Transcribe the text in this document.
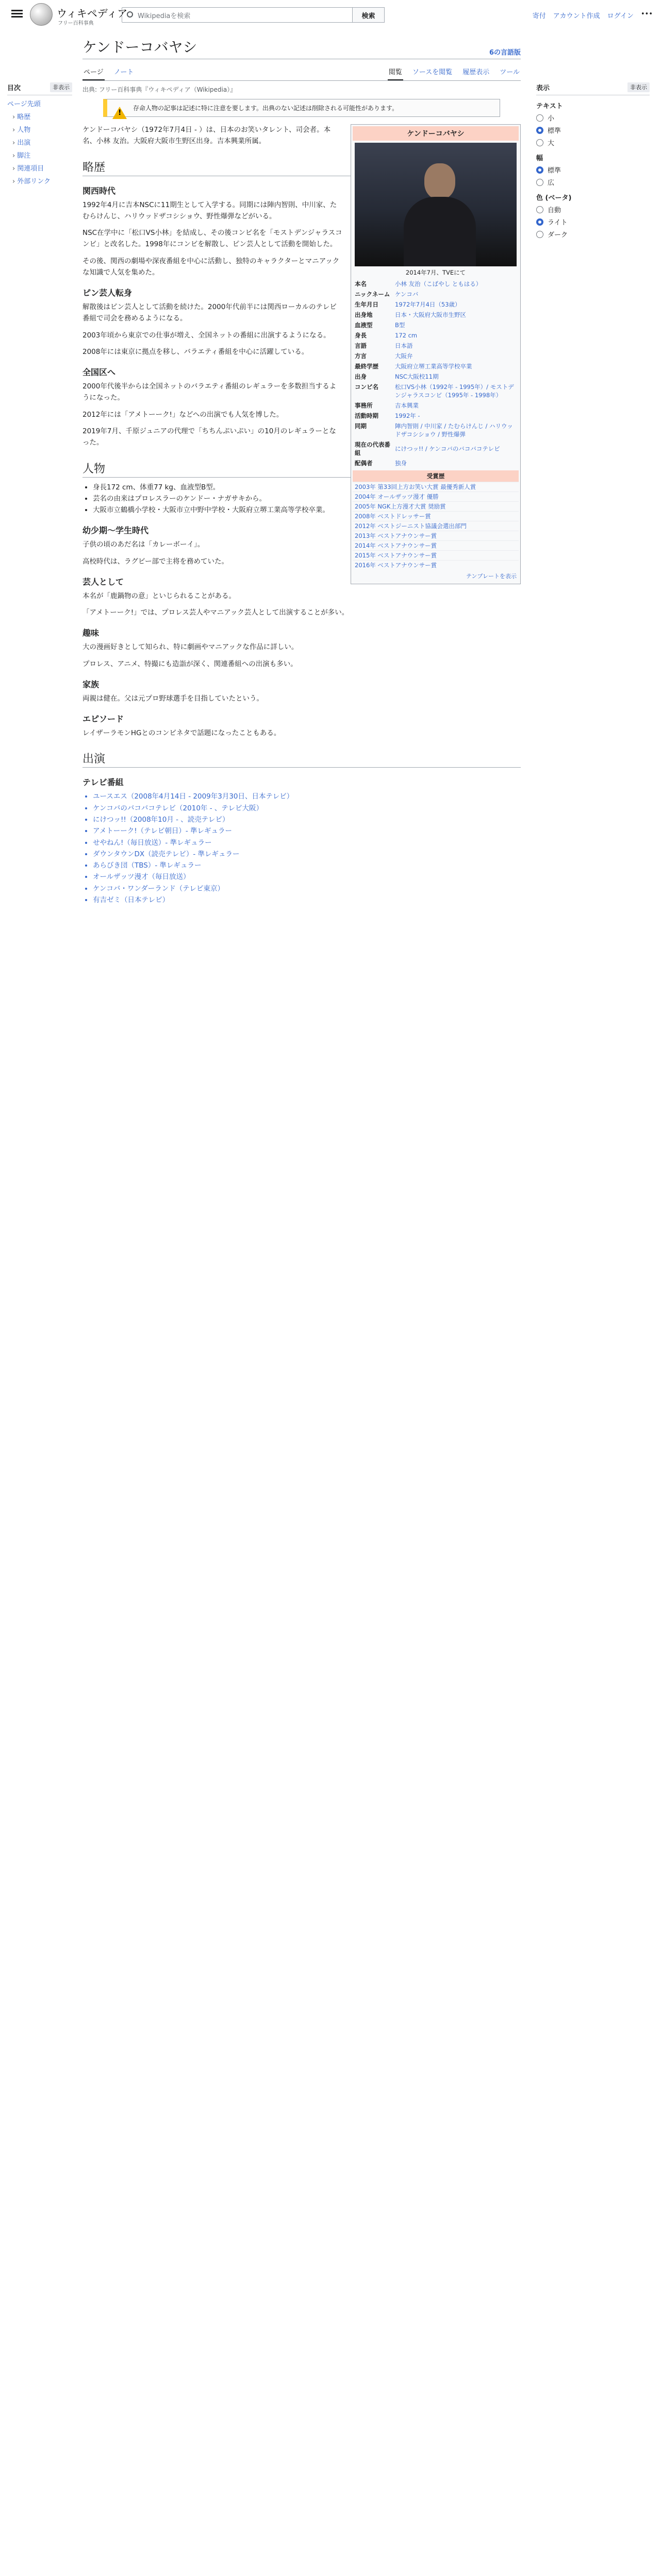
ウィキペディア
フリー百科事典
Wikipediaを検索	検索	寄付 アカウント作成 ログイン •••
目次	非表示
ページ先頭
› 略歴
› 人物
› 出演
› 脚注
› 関連項目
› 外部リンク
ケンドーコバヤシ	6の言語版
ページ ノート	閲覧 ソースを閲覧 履歴表示 ツール
出典: フリー百科事典『ウィキペディア（Wikipedia）』
!
存命人物の記事は記述に特に注意を要します。出典のない記述は削除される可能性があります。
ケンドーコバヤシ
2014年7月、TVEにて
本名	小林 友治（こばやし ともはる）
ニックネーム	ケンコバ
生年月日	1972年7月4日（53歳）
出身地	日本・大阪府大阪市生野区
血液型	B型
身長	172 cm
言語	日本語
方言	大阪弁
最終学歴	大阪府立堺工業高等学校卒業
出身	NSC大阪校11期
コンビ名	松口VS小林（1992年 - 1995年）/ モストデンジャラスコンビ（1995年 - 1998年）
事務所	吉本興業
活動時期	1992年 -
同期	陣内智則 / 中川家 / たむらけんじ / ハリウッドザコシショウ / 野性爆弾
現在の代表番組	にけつッ!! / ケンコバのバコバコテレビ
配偶者	独身
受賞歴
2003年 第33回上方お笑い大賞 最優秀新人賞
2004年 オールザッツ漫才 優勝
2005年 NGK上方漫才大賞 奨励賞
2008年 ベストドレッサー賞
2012年 ベストジーニスト協議会選出部門
2013年 ベストアナウンサー賞
2014年 ベストアナウンサー賞
2015年 ベストアナウンサー賞
2016年 ベストアナウンサー賞
テンプレートを表示

ケンドーコバヤシ（1972年7月4日 - ）は、日本のお笑いタレント、司会者。本名、小林 友治。大阪府大阪市生野区出身。吉本興業所属。

略歴
関西時代

1992年4月に吉本NSCに11期生として入学する。同期には陣内智則、中川家、たむらけんじ、ハリウッドザコシショウ、野性爆弾などがいる。

NSC在学中に「松口VS小林」を結成し、その後コンビ名を「モストデンジャラスコンビ」と改名した。1998年にコンビを解散し、ピン芸人として活動を開始した。

その後、関西の劇場や深夜番組を中心に活動し、独特のキャラクターとマニアックな知識で人気を集めた。

ピン芸人転身

解散後はピン芸人として活動を続けた。2000年代前半には関西ローカルのテレビ番組で司会を務めるようになる。

2003年頃から東京での仕事が増え、全国ネットの番組に出演するようになる。

2008年には東京に拠点を移し、バラエティ番組を中心に活躍している。

全国区へ

2000年代後半からは全国ネットのバラエティ番組のレギュラーを多数担当するようになった。

2012年には「アメトーーク!」などへの出演でも人気を博した。

2019年7月、千原ジュニアの代理で「ちちんぷいぷい」の10月のレギュラーとなった。

人物
• 身長172 cm、体重77 kg、血液型B型。
• 芸名の由来はプロレスラーのケンドー・ナガサキから。
• 大阪市立鶴橋小学校・大阪市立中野中学校・大阪府立堺工業高等学校卒業。
幼少期～学生時代

子供の頃のあだ名は「カレーボーイ」。

高校時代は、ラグビー部で主将を務めていた。

芸人として

本名が「鹿鍋物の意」といじられることがある。

「アメトーーク!」では、プロレス芸人やマニアック芸人として出演することが多い。

趣味

大の漫画好きとして知られ、特に劇画やマニアックな作品に詳しい。

プロレス、アニメ、特撮にも造詣が深く、関連番組への出演も多い。

家族

両親は健在。父は元プロ野球選手を目指していたという。

エピソード

レイザーラモンHGとのコンビネタで話題になったこともある。

出演
テレビ番組
• ユースエス（2008年4月14日 - 2009年3月30日、日本テレビ）
• ケンコバのバコバコテレビ（2010年 - 、テレビ大阪）
• にけつッ!!（2008年10月 - 、読売テレビ）
• アメトーーク!（テレビ朝日）- 準レギュラー
• せやねん!（毎日放送）- 準レギュラー
• ダウンタウンDX（読売テレビ）- 準レギュラー
• あらびき団（TBS）- 準レギュラー
• オールザッツ漫才（毎日放送）
• ケンコバ・ワンダーランド（テレビ東京）
• 有吉ゼミ（日本テレビ）
表示	非表示
テキスト
小
標準
大
幅
標準
広
色 (ベータ)
自動
ライト
ダーク
